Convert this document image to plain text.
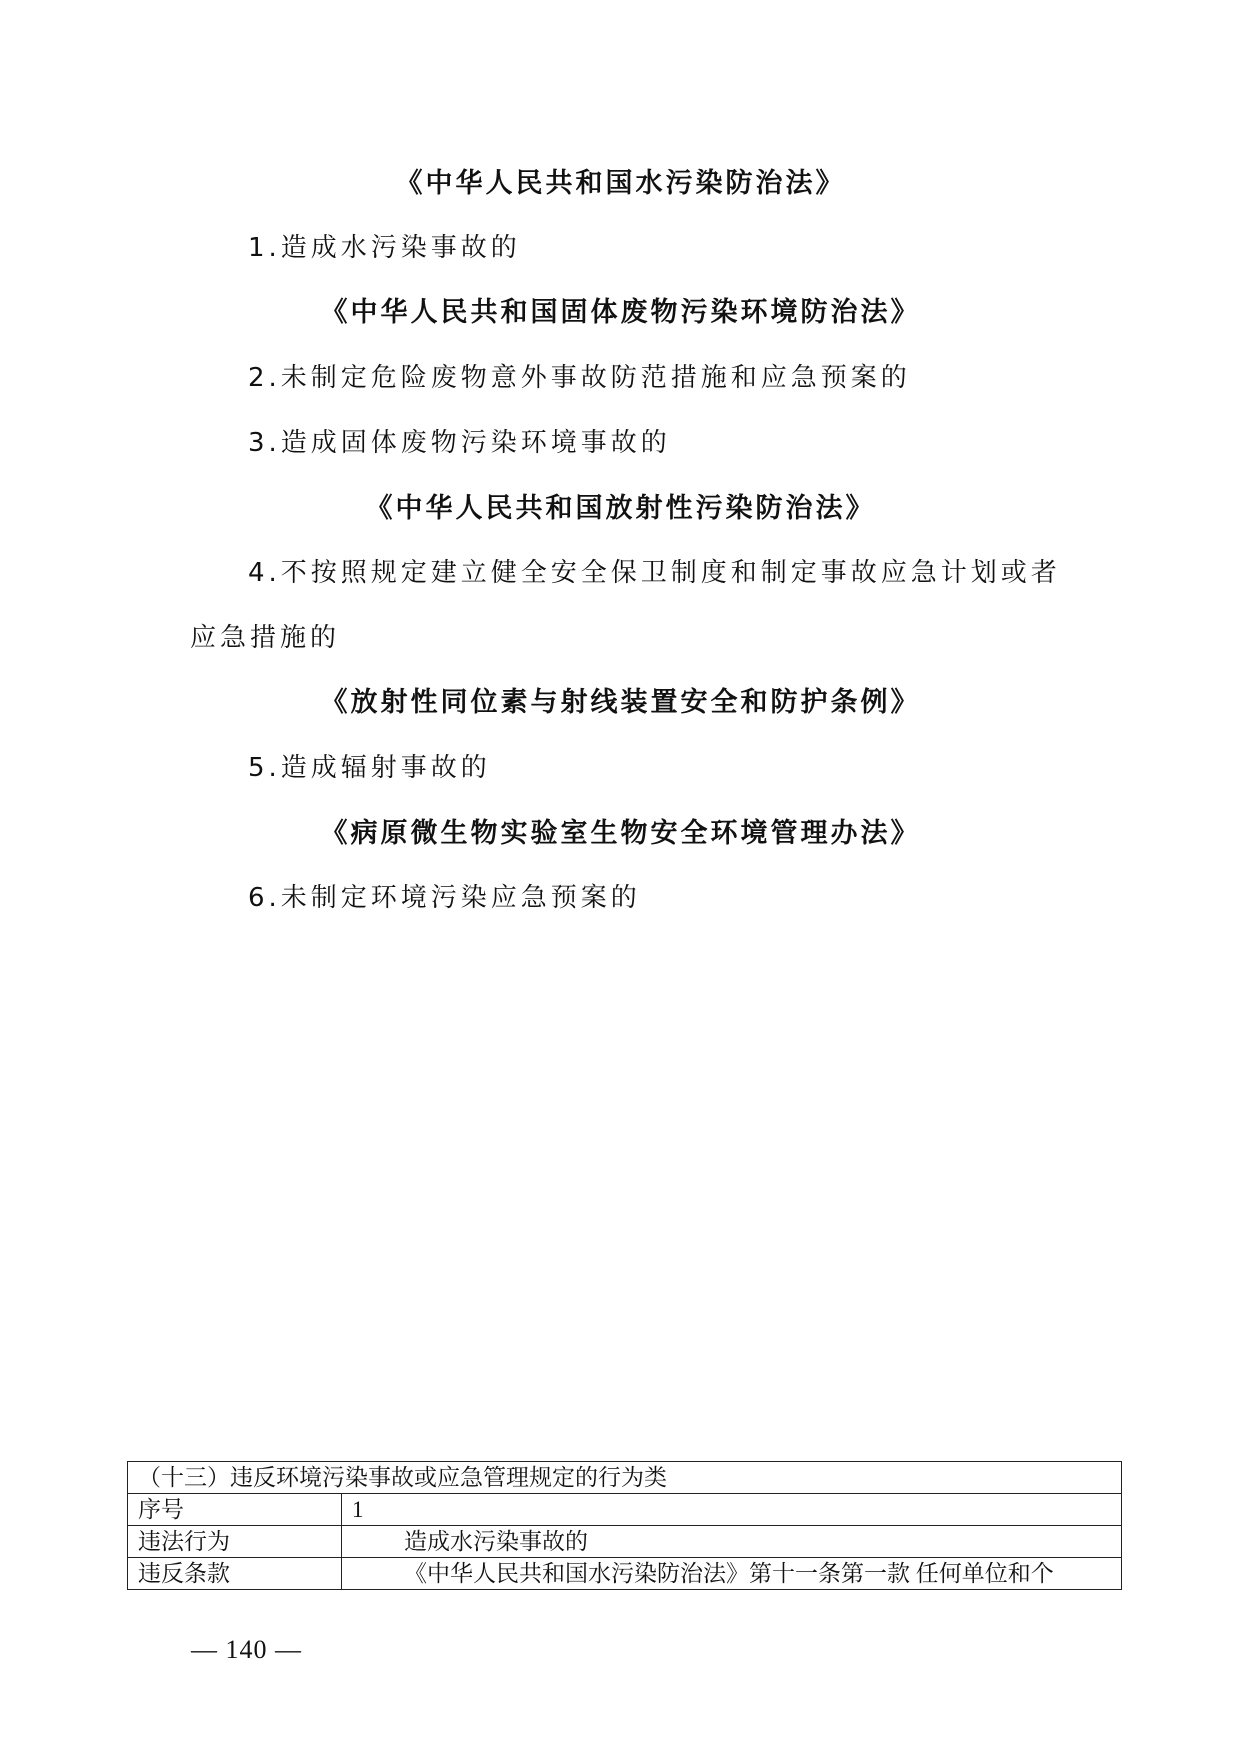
《中华人民共和国水污染防治法》
1.造成水污染事故的
《中华人民共和国固体废物污染环境防治法》
2.未制定危险废物意外事故防范措施和应急预案的
3.造成固体废物污染环境事故的
《中华人民共和国放射性污染防治法》
4.不按照规定建立健全安全保卫制度和制定事故应急计划或者
应急措施的
《放射性同位素与射线装置安全和防护条例》
5.造成辐射事故的
《病原微生物实验室生物安全环境管理办法》
6.未制定环境污染应急预案的
（十三）违反环境污染事故或应急管理规定的行为类	
序号	1
违法行为	造成水污染事故的
违反条款	《中华人民共和国水污染防治法》第十一条第一款 任何单位和个
— 140 —
